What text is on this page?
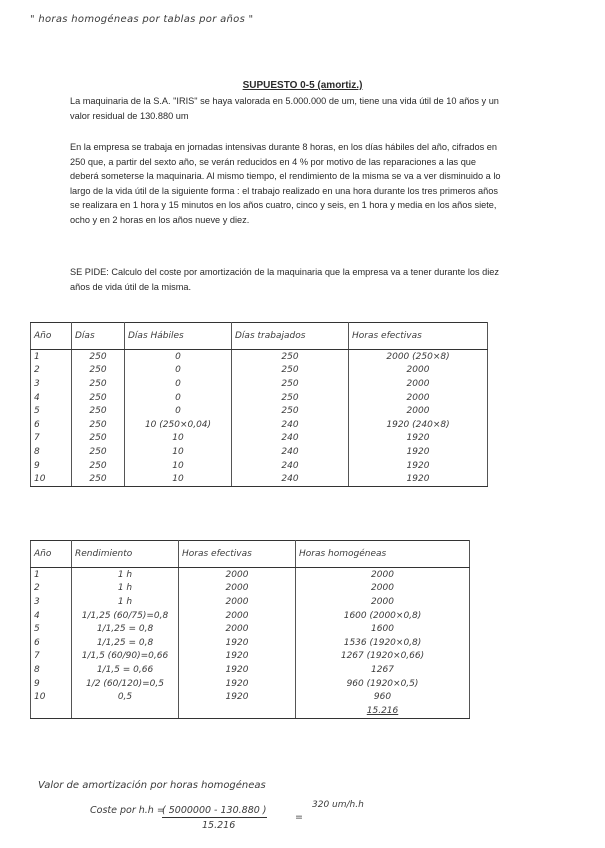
" horas homogéneas por tablas por años "
SUPUESTO 0-5 (amortiz.)
La maquinaria de la S.A. "IRIS" se haya valorada en 5.000.000 de um, tiene una vida útil de 10 años y un valor residual de 130.880 um
En la empresa se trabaja en jornadas intensivas durante 8 horas, en los días hábiles del año, cifrados en 250 que, a partir del sexto año, se verán reducidos en 4 % por motivo de las reparaciones a las que deberá someterse la maquinaria. Al mismo tiempo, el rendimiento de la misma se va a ver disminuido a lo largo de la vida útil de la siguiente forma : el trabajo realizado en una hora durante los tres primeros años se realizara en 1 hora y 15 minutos en los años cuatro, cinco y seis, en 1 hora y media en los años siete, ocho y en 2 horas en los años nueve y diez.
SE PIDE: Calculo del coste por amortización de la maquinaria que la empresa va a tener durante los diez años de vida útil de la misma.
Año	Días	Días Hábiles	Días trabajados	Horas efectivas
1	250	0	250	2000 (250×8)
2	250	0	250	2000
3	250	0	250	2000
4	250	0	250	2000
5	250	0	250	2000
6	250	10 (250×0,04)	240	1920 (240×8)
7	250	10	240	1920
8	250	10	240	1920
9	250	10	240	1920
10	250	10	240	1920
Año	Rendimiento	Horas efectivas	Horas homogéneas
1	1 h	2000	2000
2	1 h	2000	2000
3	1 h	2000	2000
4	1/1,25 (60/75)=0,8	2000	1600 (2000×0,8)
5	1/1,25 = 0,8	2000	1600
6	1/1,25 = 0,8	1920	1536 (1920×0,8)
7	1/1,5 (60/90)=0,66	1920	1267 (1920×0,66)
8	1/1,5 = 0,66	1920	1267
9	1/2 (60/120)=0,5	1920	960 (1920×0,5)
10	0,5	1920	960
			15.216
Valor de amortización por horas homogéneas
Coste por h.h =
( 5000000 - 130.880 )
15.216
=
320 um/h.h
